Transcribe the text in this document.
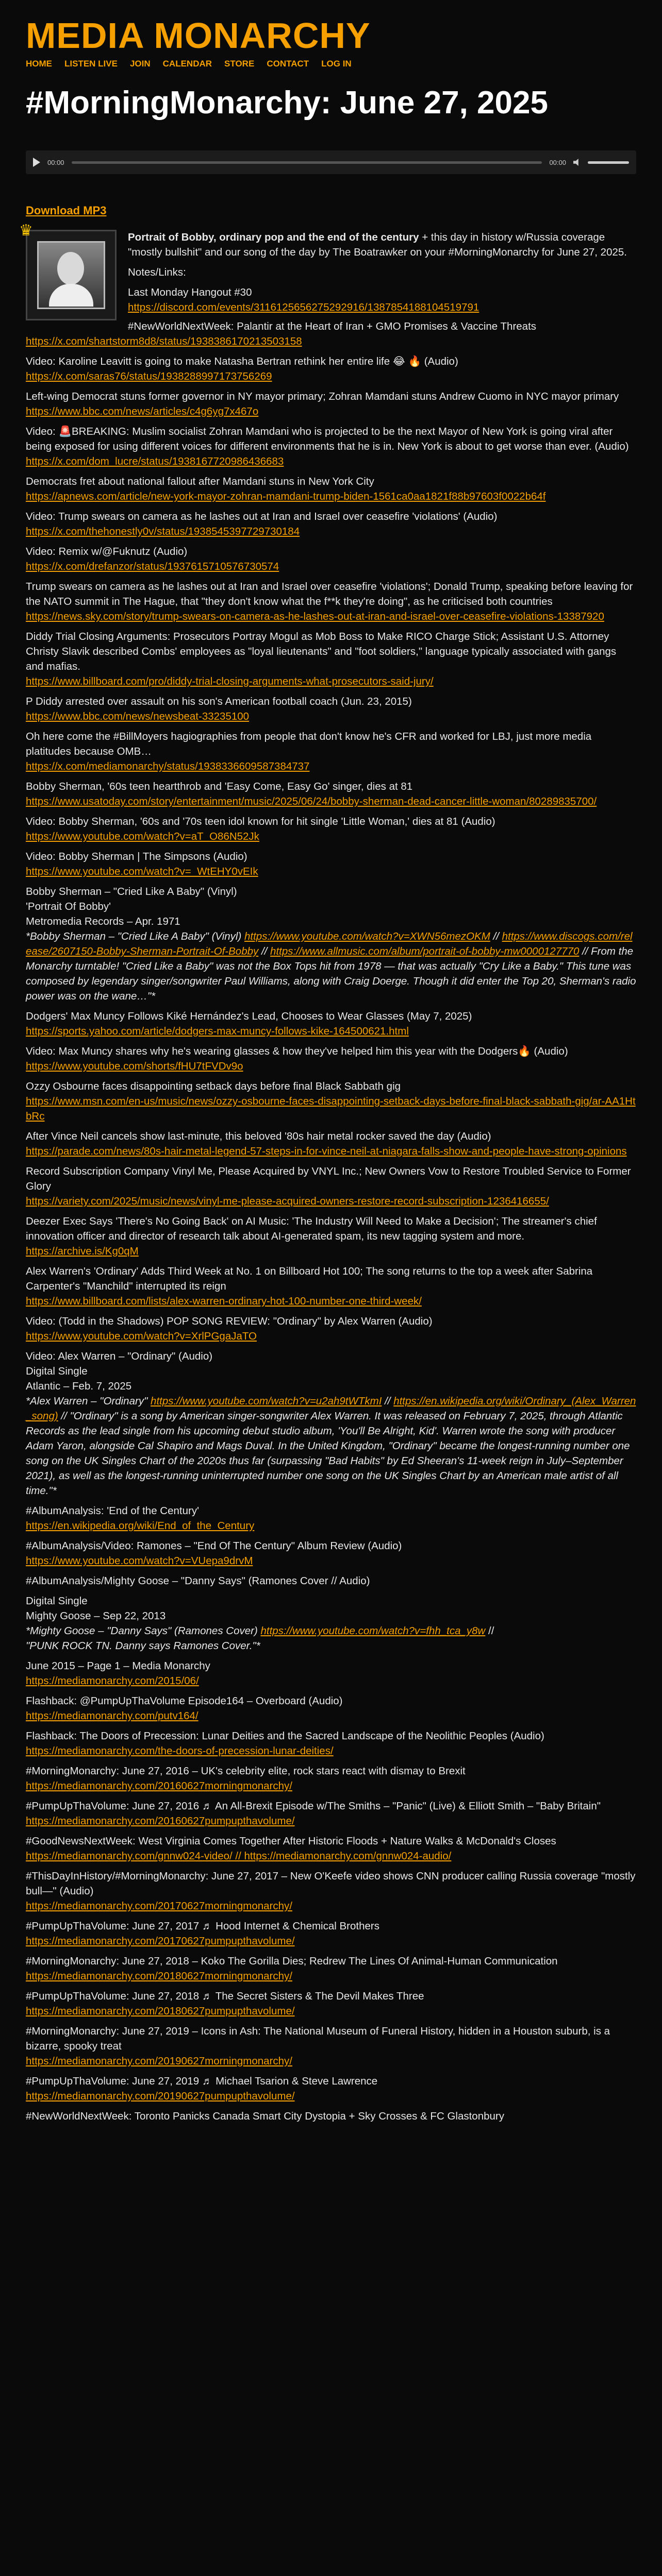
MEDIA MONARCHY
HOME LISTEN LIVE JOIN CALENDAR STORE CONTACT LOG IN
#MorningMonarchy: June 27, 2025
00:00	00:00
Download MP3
♛	Portrait of Bobby, ordinary pop and the end of the century + this day in history w/Russia coverage "mostly bullshit" and our song of the day by The Boatrawker on your #MorningMonarchy for June 27, 2025.

Notes/Links:

Last Monday Hangout #30
https://discord.com/events/3116125656275292916/1387854188104519791

#NewWorldNextWeek: Palantir at the Heart of Iran + GMO Promises & Vaccine Threats

https://x.com/shartstorm8d8/status/1938386170213503158

Video: Karoline Leavitt is going to make Natasha Bertran rethink her entire life 😂 🔥 (Audio)
https://x.com/saras76/status/1938288997173756269

Left-wing Democrat stuns former governor in NY mayor primary; Zohran Mamdani stuns Andrew Cuomo in NYC mayor primary
https://www.bbc.com/news/articles/c4g6yg7x467o

Video: 🚨BREAKING: Muslim socialist Zohran Mamdani who is projected to be the next Mayor of New York is going viral after being exposed for using different voices for different environments that he is in. New York is about to get worse than ever. (Audio)
https://x.com/dom_lucre/status/1938167720986436683

Democrats fret about national fallout after Mamdani stuns in New York City
https://apnews.com/article/new-york-mayor-zohran-mamdani-trump-biden-1561ca0aa1821f88b97603f0022b64f

Video: Trump swears on camera as he lashes out at Iran and Israel over ceasefire 'violations' (Audio)
https://x.com/thehonestly0v/status/1938545397729730184

Video: Remix w/@Fuknutz (Audio)
https://x.com/drefanzor/status/1937615710576730574

Trump swears on camera as he lashes out at Iran and Israel over ceasefire 'violations'; Donald Trump, speaking before leaving for the NATO summit in The Hague, that "they don't know what the f**k they're doing", as he criticised both countries
https://news.sky.com/story/trump-swears-on-camera-as-he-lashes-out-at-iran-and-israel-over-ceasefire-violations-13387920

Diddy Trial Closing Arguments: Prosecutors Portray Mogul as Mob Boss to Make RICO Charge Stick; Assistant U.S. Attorney Christy Slavik described Combs' employees as "loyal lieutenants" and "foot soldiers," language typically associated with gangs and mafias.
https://www.billboard.com/pro/diddy-trial-closing-arguments-what-prosecutors-said-jury/

P Diddy arrested over assault on his son's American football coach (Jun. 23, 2015)
https://www.bbc.com/news/newsbeat-33235100

Oh here come the #BillMoyers hagiographies from people that don't know he's CFR and worked for LBJ, just more media platitudes because OMB…
https://x.com/mediamonarchy/status/1938336609587384737

Bobby Sherman, '60s teen heartthrob and 'Easy Come, Easy Go' singer, dies at 81
https://www.usatoday.com/story/entertainment/music/2025/06/24/bobby-sherman-dead-cancer-little-woman/80289835700/

Video: Bobby Sherman, '60s and '70s teen idol known for hit single 'Little Woman,' dies at 81 (Audio)
https://www.youtube.com/watch?v=aT_O86N52Jk

Video: Bobby Sherman | The Simpsons (Audio)
https://www.youtube.com/watch?v=_WtEHY0vEIk

Bobby Sherman – "Cried Like A Baby" (Vinyl)
'Portrait Of Bobby'
Metromedia Records – Apr. 1971

*Bobby Sherman – "Cried Like A Baby" (Vinyl) https://www.youtube.com/watch?v=XWN56mezOKM // https://www.discogs.com/release/2607150-Bobby-Sherman-Portrait-Of-Bobby // https://www.allmusic.com/album/portrait-of-bobby-mw0000127770 // From the Monarchy turntable! "Cried Like a Baby" was not the Box Tops hit from 1978 — that was actually "Cry Like a Baby." This tune was composed by legendary singer/songwriter Paul Williams, along with Craig Doerge. Though it did enter the Top 20, Sherman's radio power was on the wane…"*

Dodgers' Max Muncy Follows Kiké Hernández's Lead, Chooses to Wear Glasses (May 7, 2025)
https://sports.yahoo.com/article/dodgers-max-muncy-follows-kike-164500621.html

Video: Max Muncy shares why he's wearing glasses & how they've helped him this year with the Dodgers🔥 (Audio)
https://www.youtube.com/shorts/fHU7tFVDv9o

Ozzy Osbourne faces disappointing setback days before final Black Sabbath gig
https://www.msn.com/en-us/music/news/ozzy-osbourne-faces-disappointing-setback-days-before-final-black-sabbath-gig/ar-AA1HtbRc

After Vince Neil cancels show last-minute, this beloved '80s hair metal rocker saved the day (Audio)
https://parade.com/news/80s-hair-metal-legend-57-steps-in-for-vince-neil-at-niagara-falls-show-and-people-have-strong-opinions

Record Subscription Company Vinyl Me, Please Acquired by VNYL Inc.; New Owners Vow to Restore Troubled Service to Former Glory
https://variety.com/2025/music/news/vinyl-me-please-acquired-owners-restore-record-subscription-1236416655/

Deezer Exec Says 'There's No Going Back' on AI Music: 'The Industry Will Need to Make a Decision'; The streamer's chief innovation officer and director of research talk about AI-generated spam, its new tagging system and more.
https://archive.is/Kg0qM

Alex Warren's 'Ordinary' Adds Third Week at No. 1 on Billboard Hot 100; The song returns to the top a week after Sabrina Carpenter's "Manchild" interrupted its reign
https://www.billboard.com/lists/alex-warren-ordinary-hot-100-number-one-third-week/

Video: (Todd in the Shadows) POP SONG REVIEW: "Ordinary" by Alex Warren (Audio)
https://www.youtube.com/watch?v=XrlPGgaJaTO

Video: Alex Warren – "Ordinary" (Audio)
Digital Single
Atlantic – Feb. 7, 2025

*Alex Warren – "Ordinary" https://www.youtube.com/watch?v=u2ah9tWTkmI // https://en.wikipedia.org/wiki/Ordinary_(Alex_Warren_song) // "Ordinary" is a song by American singer-songwriter Alex Warren. It was released on February 7, 2025, through Atlantic Records as the lead single from his upcoming debut studio album, 'You'll Be Alright, Kid'. Warren wrote the song with producer Adam Yaron, alongside Cal Shapiro and Mags Duval. In the United Kingdom, "Ordinary" became the longest-running number one song on the UK Singles Chart of the 2020s thus far (surpassing "Bad Habits" by Ed Sheeran's 11-week reign in July–September 2021), as well as the longest-running uninterrupted number one song on the UK Singles Chart by an American male artist of all time."*

#AlbumAnalysis: 'End of the Century'
https://en.wikipedia.org/wiki/End_of_the_Century

#AlbumAnalysis/Video: Ramones – "End Of The Century" Album Review (Audio)
https://www.youtube.com/watch?v=VUepa9drvM

#AlbumAnalysis/Mighty Goose – "Danny Says" (Ramones Cover // Audio)

Digital Single
Mighty Goose – Sep 22, 2013
*Mighty Goose – "Danny Says" (Ramones Cover) https://www.youtube.com/watch?v=fhh_tca_y8w //
"PUNK ROCK TN. Danny says Ramones Cover."*

June 2015 – Page 1 – Media Monarchy
https://mediamonarchy.com/2015/06/

Flashback: @PumpUpThaVolume Episode164 – Overboard (Audio)
https://mediamonarchy.com/putv164/

Flashback: The Doors of Precession: Lunar Deities and the Sacred Landscape of the Neolithic Peoples (Audio)
https://mediamonarchy.com/the-doors-of-precession-lunar-deities/

#MorningMonarchy: June 27, 2016 – UK's celebrity elite, rock stars react with dismay to Brexit
https://mediamonarchy.com/20160627morningmonarchy/

#PumpUpThaVolume: June 27, 2016 ♬ An All-Brexit Episode w/The Smiths – "Panic" (Live) & Elliott Smith – "Baby Britain"
https://mediamonarchy.com/20160627pumpupthavolume/

#GoodNewsNextWeek: West Virginia Comes Together After Historic Floods + Nature Walks & McDonald's Closes
https://mediamonarchy.com/gnnw024-video/ // https://mediamonarchy.com/gnnw024-audio/

#ThisDayInHistory/#MorningMonarchy: June 27, 2017 – New O'Keefe video shows CNN producer calling Russia coverage "mostly bull—" (Audio)
https://mediamonarchy.com/20170627morningmonarchy/

#PumpUpThaVolume: June 27, 2017 ♬ Hood Internet & Chemical Brothers
https://mediamonarchy.com/20170627pumpupthavolume/

#MorningMonarchy: June 27, 2018 – Koko The Gorilla Dies; Redrew The Lines Of Animal-Human Communication
https://mediamonarchy.com/20180627morningmonarchy/

#PumpUpThaVolume: June 27, 2018 ♬ The Secret Sisters & The Devil Makes Three
https://mediamonarchy.com/20180627pumpupthavolume/

#MorningMonarchy: June 27, 2019 – Icons in Ash: The National Museum of Funeral History, hidden in a Houston suburb, is a bizarre, spooky treat
https://mediamonarchy.com/20190627morningmonarchy/

#PumpUpThaVolume: June 27, 2019 ♬ Michael Tsarion & Steve Lawrence
https://mediamonarchy.com/20190627pumpupthavolume/

#NewWorldNextWeek: Toronto Panicks Canada Smart City Dystopia + Sky Crosses & FC Glastonbury
